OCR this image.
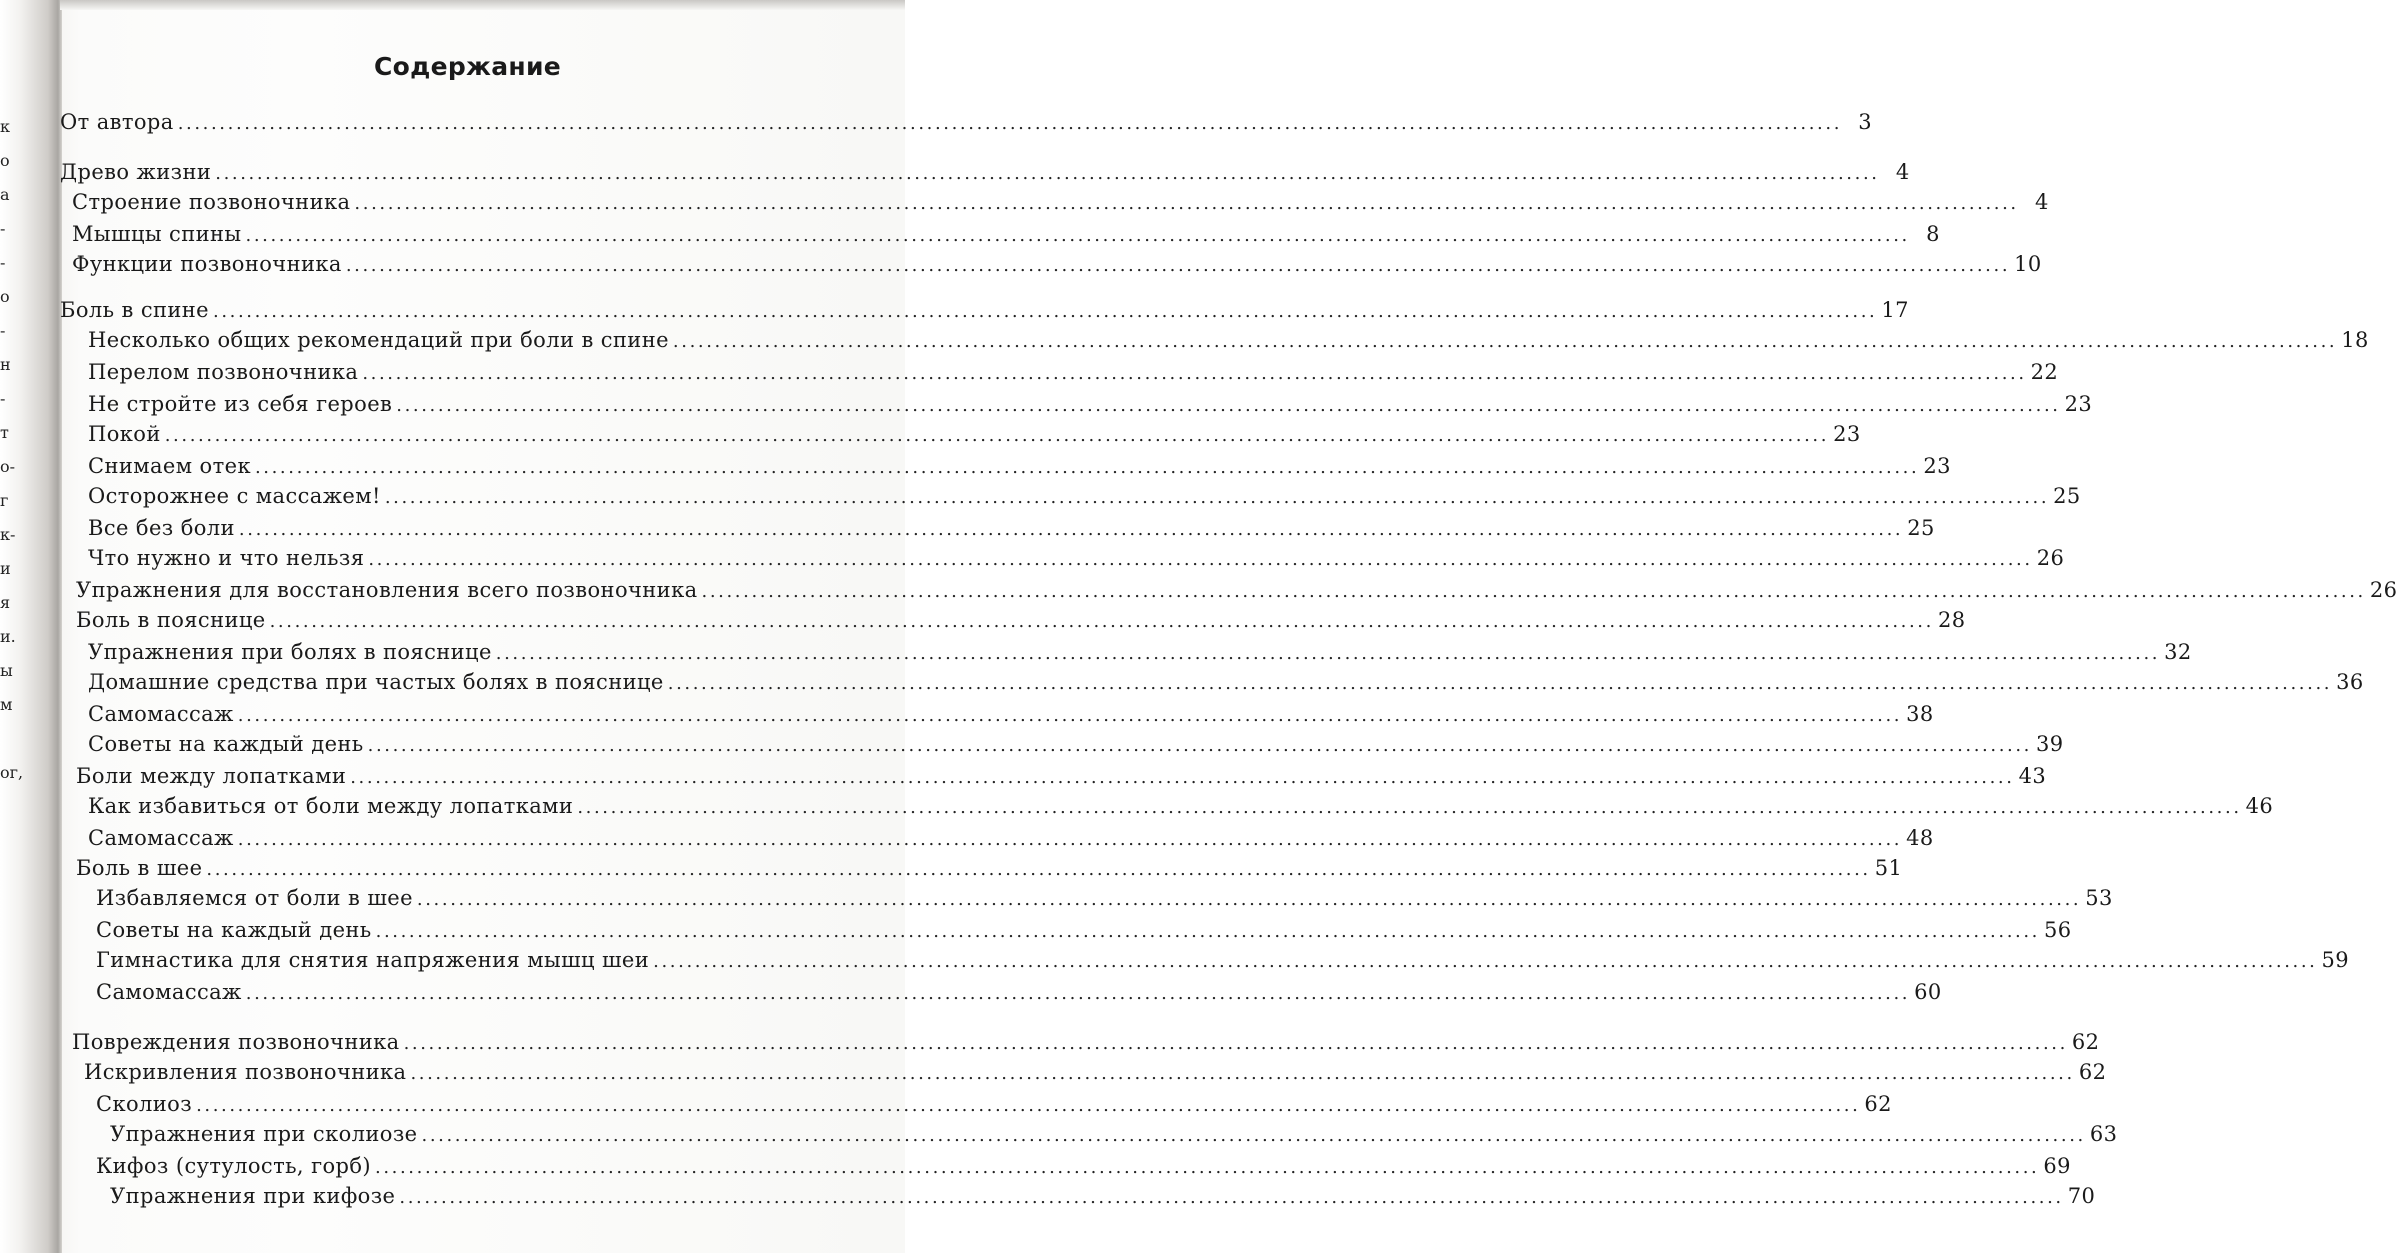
к
о
а
-
-
о
-
н
-
т
о-
г
к-
и
я
и.
ы
м
ог,
Содержание
От автора ........................................................................................................................................................................................................ 3
Древо жизни ........................................................................................................................................................................................................ 4
Строение позвоночника ........................................................................................................................................................................................................ 4
Мышцы спины ........................................................................................................................................................................................................ 8
Функции позвоночника ........................................................................................................................................................................................................ 10
Боль в спине ........................................................................................................................................................................................................ 17
Несколько общих рекомендаций при боли в спине ........................................................................................................................................................................................................ 18
Перелом позвоночника ........................................................................................................................................................................................................ 22
Не стройте из себя героев ........................................................................................................................................................................................................ 23
Покой ........................................................................................................................................................................................................ 23
Снимаем отек ........................................................................................................................................................................................................ 23
Осторожнее с массажем! ........................................................................................................................................................................................................ 25
Все без боли ........................................................................................................................................................................................................ 25
Что нужно и что нельзя ........................................................................................................................................................................................................ 26
Упражнения для восстановления всего позвоночника ........................................................................................................................................................................................................ 26
Боль в пояснице ........................................................................................................................................................................................................ 28
Упражнения при болях в пояснице ........................................................................................................................................................................................................ 32
Домашние средства при частых болях в пояснице ........................................................................................................................................................................................................ 36
Самомассаж ........................................................................................................................................................................................................ 38
Советы на каждый день ........................................................................................................................................................................................................ 39
Боли между лопатками ........................................................................................................................................................................................................ 43
Как избавиться от боли между лопатками ........................................................................................................................................................................................................ 46
Самомассаж ........................................................................................................................................................................................................ 48
Боль в шее ........................................................................................................................................................................................................ 51
Избавляемся от боли в шее ........................................................................................................................................................................................................ 53
Советы на каждый день ........................................................................................................................................................................................................ 56
Гимнастика для снятия напряжения мышц шеи ........................................................................................................................................................................................................ 59
Самомассаж ........................................................................................................................................................................................................ 60
Повреждения позвоночника ........................................................................................................................................................................................................ 62
Искривления позвоночника ........................................................................................................................................................................................................ 62
Сколиоз ........................................................................................................................................................................................................ 62
Упражнения при сколиозе ........................................................................................................................................................................................................ 63
Кифоз (сутулость, горб) ........................................................................................................................................................................................................ 69
Упражнения при кифозе ........................................................................................................................................................................................................ 70
